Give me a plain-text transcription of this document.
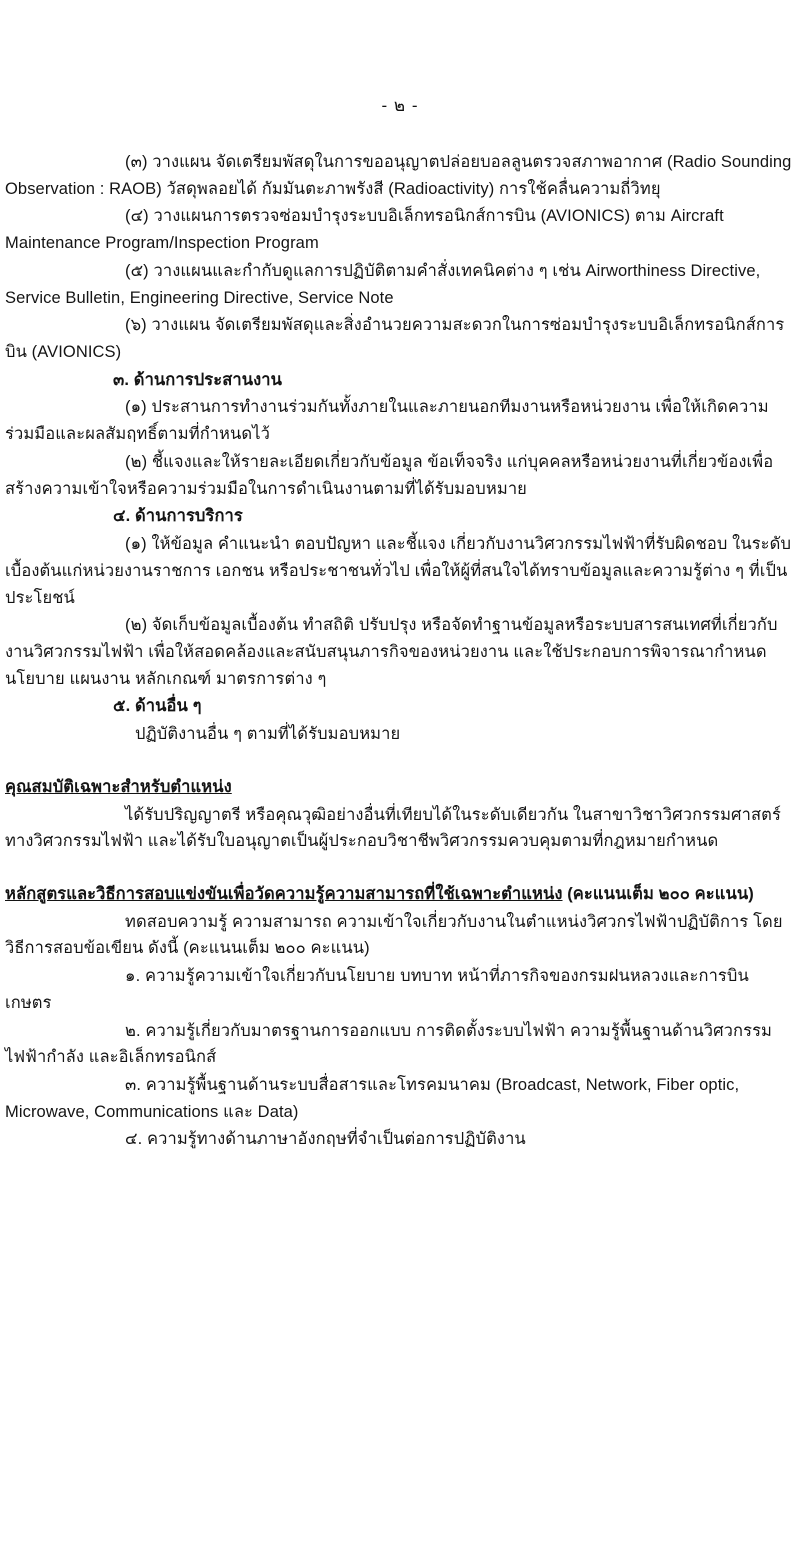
- ๒ -

(๓) วางแผน จัดเตรียมพัสดุในการขออนุญาตปล่อยบอลลูนตรวจสภาพอากาศ (Radio Sounding Observation : RAOB) วัสดุพลอยได้ กัมมันตะภาพรังสี (Radioactivity) การใช้คลื่นความถี่วิทยุ

(๔) วางแผนการตรวจซ่อมบำรุงระบบอิเล็กทรอนิกส์การบิน (AVIONICS) ตาม Aircraft Maintenance Program/Inspection Program

(๕) วางแผนและกำกับดูแลการปฏิบัติตามคำสั่งเทคนิคต่าง ๆ เช่น Airworthiness Directive, Service Bulletin, Engineering Directive, Service Note

(๖) วางแผน จัดเตรียมพัสดุและสิ่งอำนวยความสะดวกในการซ่อมบำรุงระบบอิเล็กทรอนิกส์การบิน (AVIONICS)

๓. ด้านการประสานงาน

(๑) ประสานการทำงานร่วมกันทั้งภายในและภายนอกทีมงานหรือหน่วยงาน เพื่อให้เกิดความร่วมมือและผลสัมฤทธิ์ตามที่กำหนดไว้

(๒) ชี้แจงและให้รายละเอียดเกี่ยวกับข้อมูล ข้อเท็จจริง แก่บุคคลหรือหน่วยงานที่เกี่ยวข้องเพื่อสร้างความเข้าใจหรือความร่วมมือในการดำเนินงานตามที่ได้รับมอบหมาย

๔. ด้านการบริการ

(๑) ให้ข้อมูล คำแนะนำ ตอบปัญหา และชี้แจง เกี่ยวกับงานวิศวกรรมไฟฟ้าที่รับผิดชอบ ในระดับเบื้องต้นแก่หน่วยงานราชการ เอกชน หรือประชาชนทั่วไป เพื่อให้ผู้ที่สนใจได้ทราบข้อมูลและความรู้ต่าง ๆ ที่เป็นประโยชน์

(๒) จัดเก็บข้อมูลเบื้องต้น ทำสถิติ ปรับปรุง หรือจัดทำฐานข้อมูลหรือระบบสารสนเทศที่เกี่ยวกับงานวิศวกรรมไฟฟ้า เพื่อให้สอดคล้องและสนับสนุนภารกิจของหน่วยงาน และใช้ประกอบการพิจารณากำหนดนโยบาย แผนงาน หลักเกณฑ์ มาตรการต่าง ๆ

๕. ด้านอื่น ๆ

ปฏิบัติงานอื่น ๆ ตามที่ได้รับมอบหมาย

คุณสมบัติเฉพาะสำหรับตำแหน่ง

ได้รับปริญญาตรี หรือคุณวุฒิอย่างอื่นที่เทียบได้ในระดับเดียวกัน ในสาขาวิชาวิศวกรรมศาสตร์ทางวิศวกรรมไฟฟ้า และได้รับใบอนุญาตเป็นผู้ประกอบวิชาชีพวิศวกรรมควบคุมตามที่กฎหมายกำหนด

หลักสูตรและวิธีการสอบแข่งขันเพื่อวัดความรู้ความสามารถที่ใช้เฉพาะตำแหน่ง (คะแนนเต็ม ๒๐๐ คะแนน)

ทดสอบความรู้ ความสามารถ ความเข้าใจเกี่ยวกับงานในตำแหน่งวิศวกรไฟฟ้าปฏิบัติการ โดยวิธีการสอบข้อเขียน ดังนี้ (คะแนนเต็ม ๒๐๐ คะแนน)

๑. ความรู้ความเข้าใจเกี่ยวกับนโยบาย บทบาท หน้าที่ภารกิจของกรมฝนหลวงและการบินเกษตร

๒. ความรู้เกี่ยวกับมาตรฐานการออกแบบ การติดตั้งระบบไฟฟ้า ความรู้พื้นฐานด้านวิศวกรรมไฟฟ้ากำลัง และอิเล็กทรอนิกส์

๓. ความรู้พื้นฐานด้านระบบสื่อสารและโทรคมนาคม (Broadcast, Network, Fiber optic, Microwave, Communications และ Data)

๔. ความรู้ทางด้านภาษาอังกฤษที่จำเป็นต่อการปฏิบัติงาน
